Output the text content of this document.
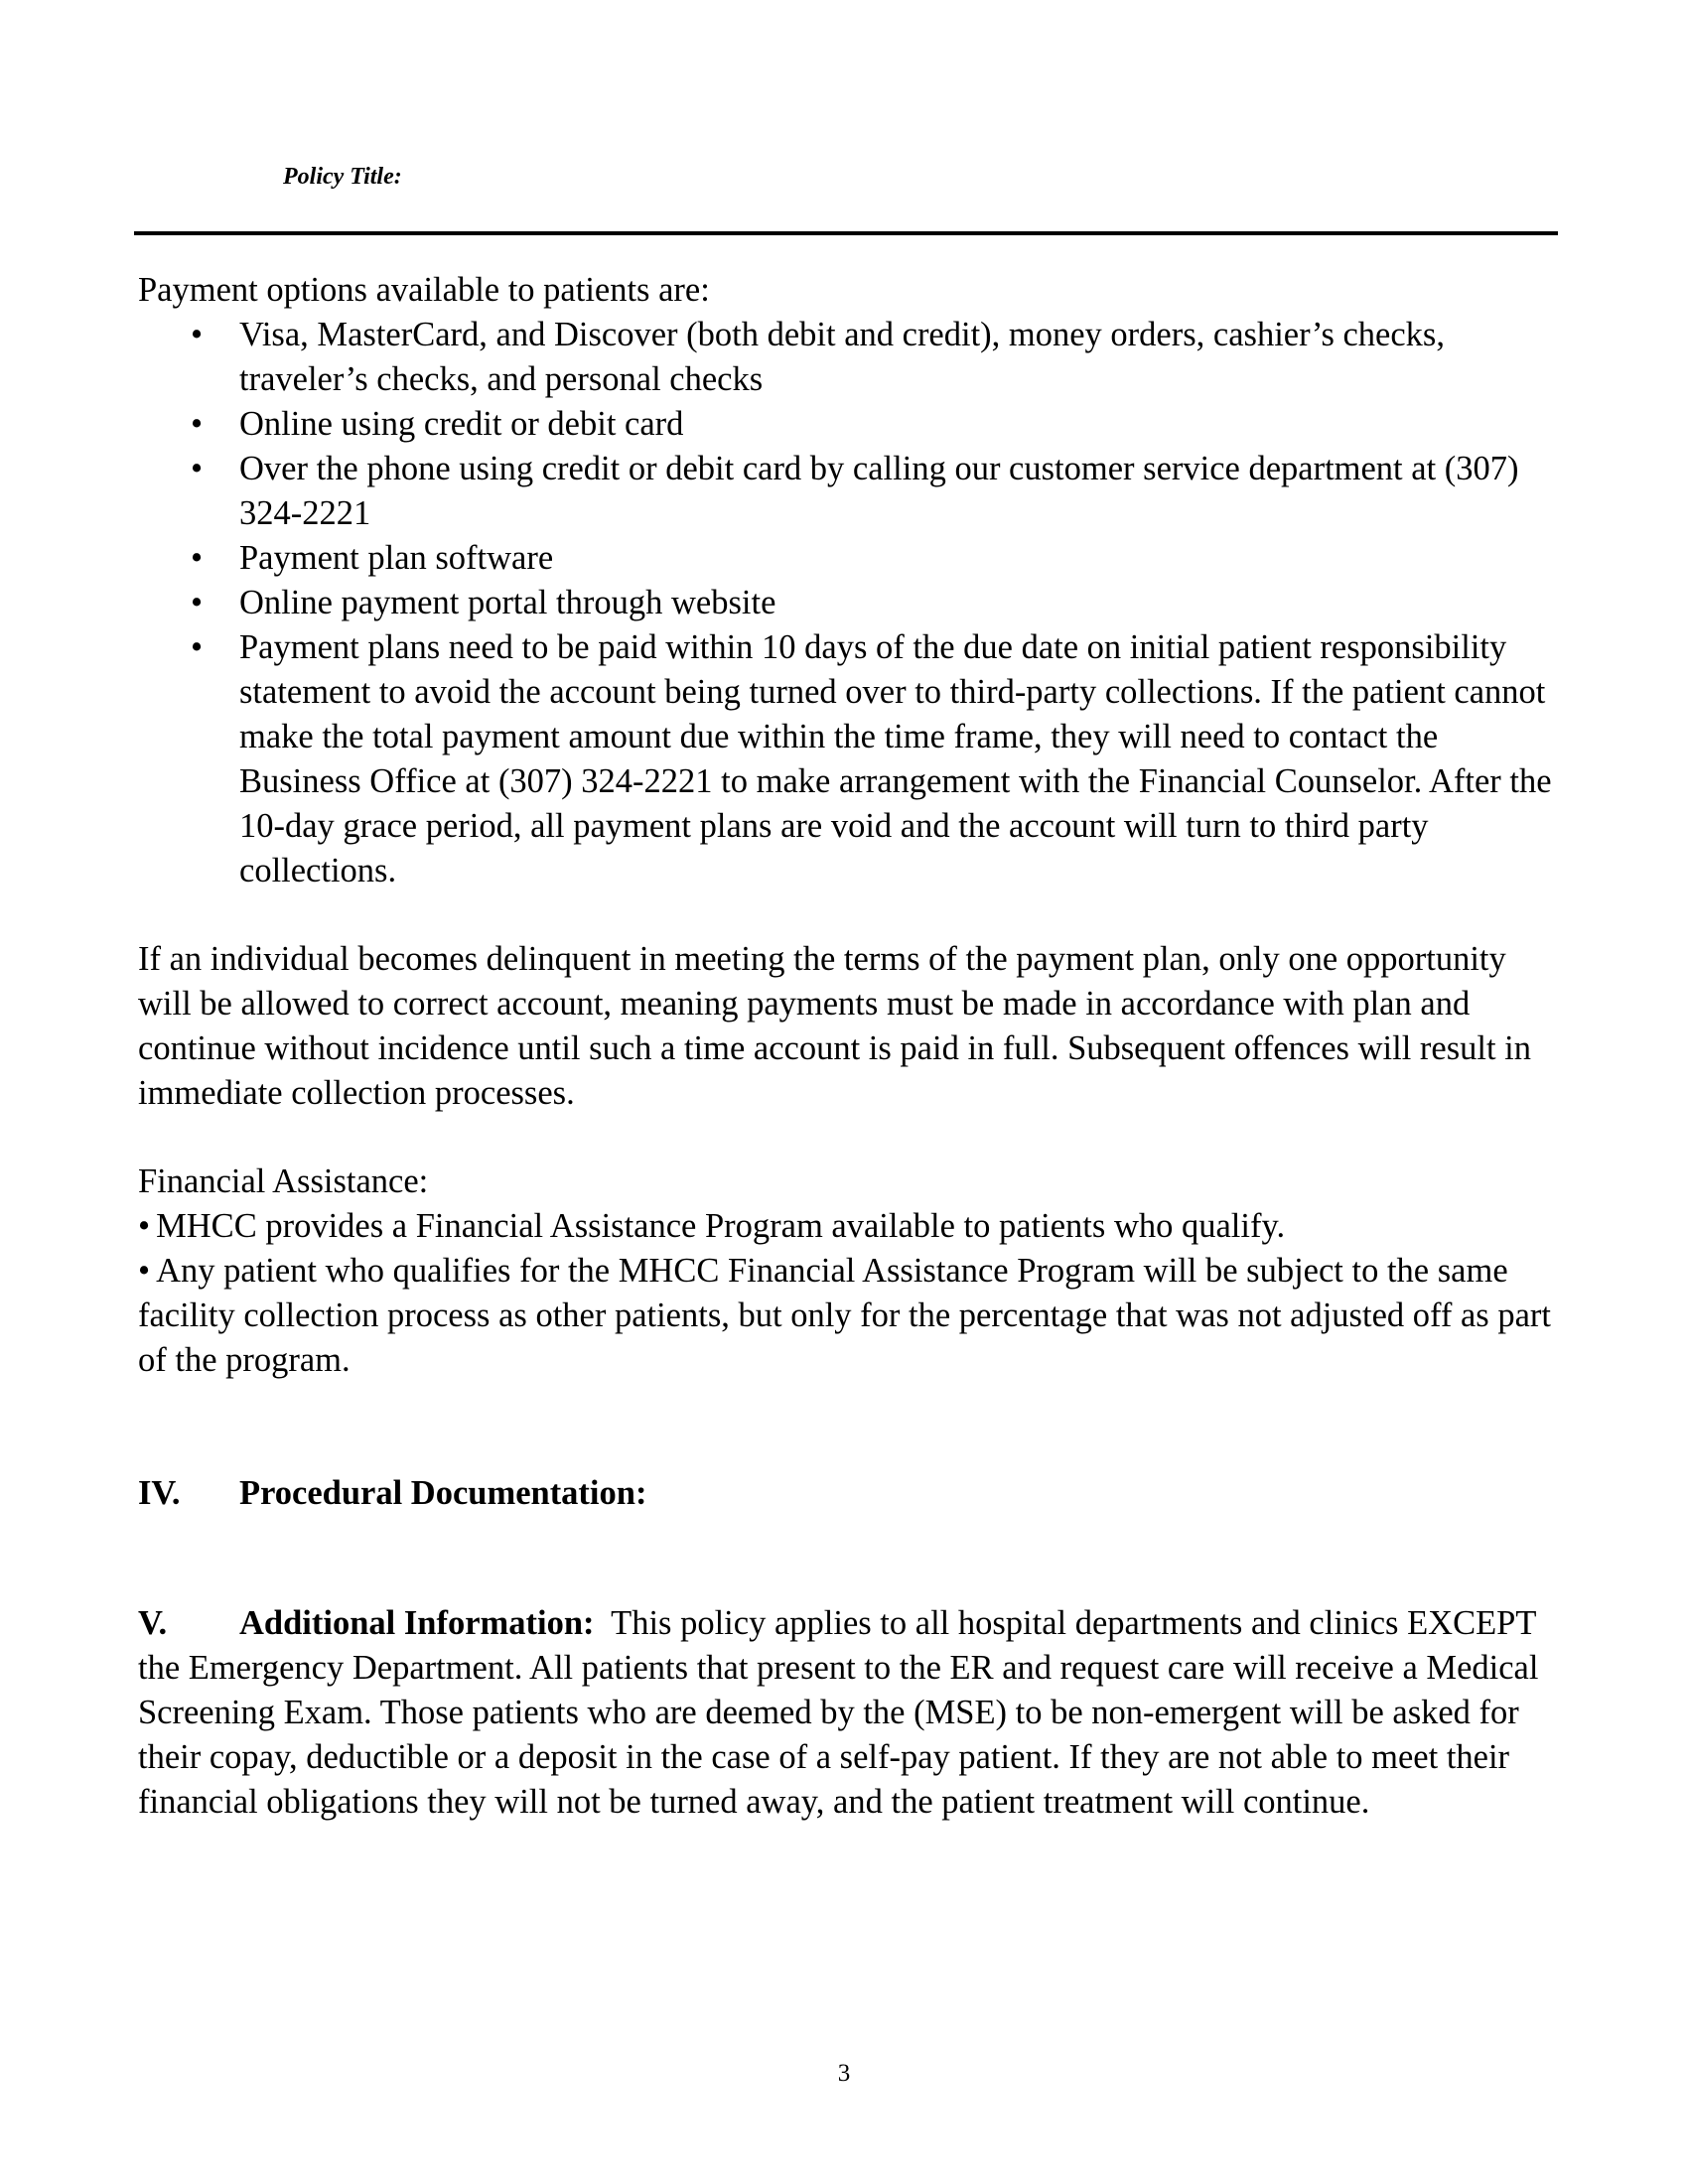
Policy Title:

Payment options available to patients are:

• Visa, MasterCard, and Discover (both debit and credit), money orders, cashier’s checks, traveler’s checks, and personal checks
• Online using credit or debit card
• Over the phone using credit or debit card by calling our customer service department at (307) 324-2221
• Payment plan software
• Online payment portal through website
• Payment plans need to be paid within 10 days of the due date on initial patient responsibility statement to avoid the account being turned over to third-party collections. If the patient cannot make the total payment amount due within the time frame, they will need to contact the Business Office at (307) 324-2221 to make arrangement with the Financial Counselor. After the 10-day grace period, all payment plans are void and the account will turn to third party collections.

If an individual becomes delinquent in meeting the terms of the payment plan, only one opportunity will be allowed to correct account, meaning payments must be made in accordance with plan and continue without incidence until such a time account is paid in full. Subsequent offences will result in immediate collection processes.

Financial Assistance:

• MHCC provides a Financial Assistance Program available to patients who qualify.

• Any patient who qualifies for the MHCC Financial Assistance Program will be subject to the same facility collection process as other patients, but only for the percentage that was not adjusted off as part of the program.

IV. Procedural Documentation:

V. Additional Information: This policy applies to all hospital departments and clinics EXCEPT the Emergency Department. All patients that present to the ER and request care will receive a Medical Screening Exam. Those patients who are deemed by the (MSE) to be non-emergent will be asked for their copay, deductible or a deposit in the case of a self-pay patient. If they are not able to meet their financial obligations they will not be turned away, and the patient treatment will continue.

3
